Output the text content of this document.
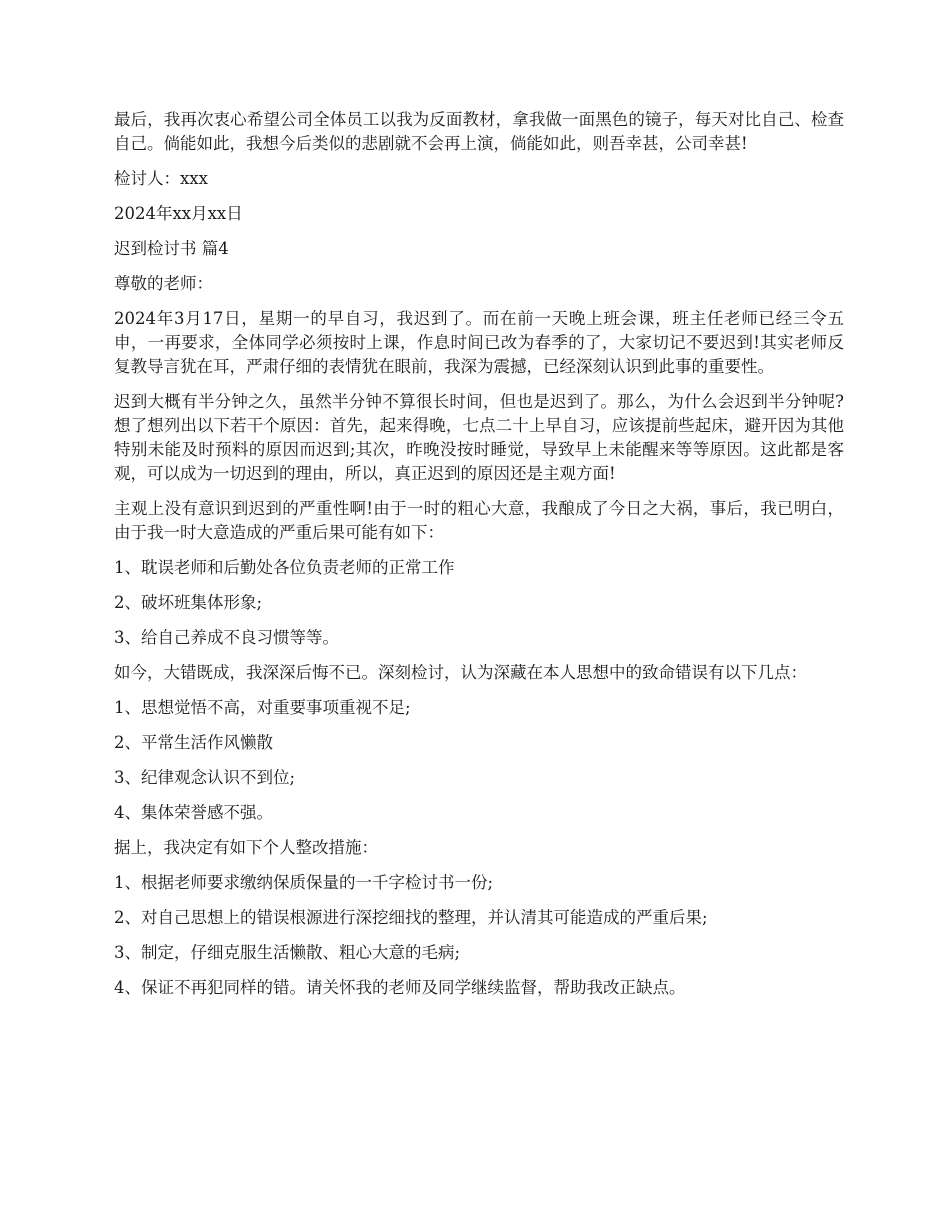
最后，我再次衷心希望公司全体员工以我为反面教材，拿我做一面黑色的镜子，每天对比自己、检查自己。倘能如此，我想今后类似的悲剧就不会再上演，倘能如此，则吾幸甚，公司幸甚!

检讨人：xxx

2024年xx月xx日

迟到检讨书 篇4

尊敬的老师：

2024年3月17日，星期一的早自习，我迟到了。而在前一天晚上班会课，班主任老师已经三令五申，一再要求，全体同学必须按时上课，作息时间已改为春季的了，大家切记不要迟到!其实老师反复教导言犹在耳，严肃仔细的表情犹在眼前，我深为震撼，已经深刻认识到此事的重要性。

迟到大概有半分钟之久，虽然半分钟不算很长时间，但也是迟到了。那么，为什么会迟到半分钟呢?想了想列出以下若干个原因：首先，起来得晚，七点二十上早自习，应该提前些起床，避开因为其他特别未能及时预料的原因而迟到;其次，昨晚没按时睡觉，导致早上未能醒来等等原因。这此都是客观，可以成为一切迟到的理由，所以，真正迟到的原因还是主观方面!

主观上没有意识到迟到的严重性啊!由于一时的粗心大意，我酿成了今日之大祸，事后，我已明白，由于我一时大意造成的严重后果可能有如下：

1、耽误老师和后勤处各位负责老师的正常工作

2、破坏班集体形象;

3、给自己养成不良习惯等等。

如今，大错既成，我深深后悔不已。深刻检讨，认为深藏在本人思想中的致命错误有以下几点：

1、思想觉悟不高，对重要事项重视不足;

2、平常生活作风懒散

3、纪律观念认识不到位;

4、集体荣誉感不强。

据上，我决定有如下个人整改措施：

1、根据老师要求缴纳保质保量的一千字检讨书一份;

2、对自己思想上的错误根源进行深挖细找的整理，并认清其可能造成的严重后果;

3、制定，仔细克服生活懒散、粗心大意的毛病;

4、保证不再犯同样的错。请关怀我的老师及同学继续监督，帮助我改正缺点。
